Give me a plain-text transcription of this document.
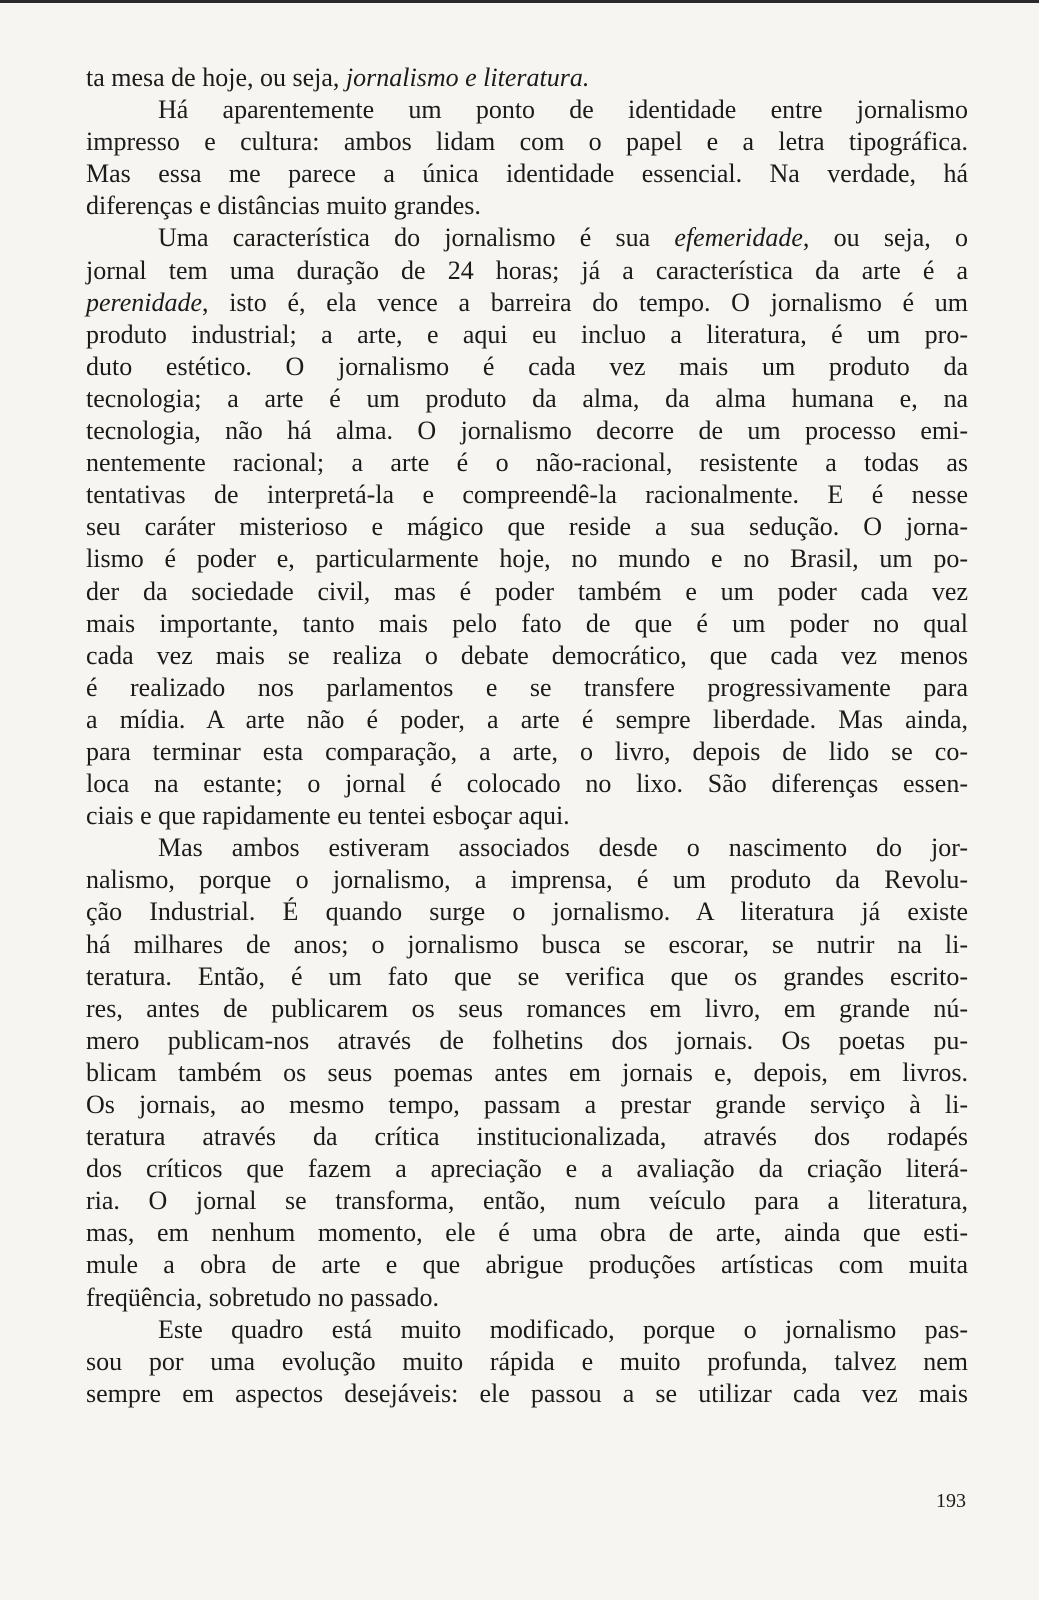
ta mesa de hoje, ou seja, jornalismo e literatura.

Há aparentemente um ponto de identidade entre jornalismo

impresso e cultura: ambos lidam com o papel e a letra tipográfica.

Mas essa me parece a única identidade essencial. Na verdade, há

diferenças e distâncias muito grandes.

Uma característica do jornalismo é sua efemeridade, ou seja, o

jornal tem uma duração de 24 horas; já a característica da arte é a

perenidade, isto é, ela vence a barreira do tempo. O jornalismo é um

produto industrial; a arte, e aqui eu incluo a literatura, é um pro-

duto estético. O jornalismo é cada vez mais um produto da

tecnologia; a arte é um produto da alma, da alma humana e, na

tecnologia, não há alma. O jornalismo decorre de um processo emi-

nentemente racional; a arte é o não-racional, resistente a todas as

tentativas de interpretá-la e compreendê-la racionalmente. E é nesse

seu caráter misterioso e mágico que reside a sua sedução. O jorna-

lismo é poder e, particularmente hoje, no mundo e no Brasil, um po-

der da sociedade civil, mas é poder também e um poder cada vez

mais importante, tanto mais pelo fato de que é um poder no qual

cada vez mais se realiza o debate democrático, que cada vez menos

é realizado nos parlamentos e se transfere progressivamente para

a mídia. A arte não é poder, a arte é sempre liberdade. Mas ainda,

para terminar esta comparação, a arte, o livro, depois de lido se co-

loca na estante; o jornal é colocado no lixo. São diferenças essen-

ciais e que rapidamente eu tentei esboçar aqui.

Mas ambos estiveram associados desde o nascimento do jor-

nalismo, porque o jornalismo, a imprensa, é um produto da Revolu-

ção Industrial. É quando surge o jornalismo. A literatura já existe

há milhares de anos; o jornalismo busca se escorar, se nutrir na li-

teratura. Então, é um fato que se verifica que os grandes escrito-

res, antes de publicarem os seus romances em livro, em grande nú-

mero publicam-nos através de folhetins dos jornais. Os poetas pu-

blicam também os seus poemas antes em jornais e, depois, em livros.

Os jornais, ao mesmo tempo, passam a prestar grande serviço à li-

teratura através da crítica institucionalizada, através dos rodapés

dos críticos que fazem a apreciação e a avaliação da criação literá-

ria. O jornal se transforma, então, num veículo para a literatura,

mas, em nenhum momento, ele é uma obra de arte, ainda que esti-

mule a obra de arte e que abrigue produções artísticas com muita

freqüência, sobretudo no passado.

Este quadro está muito modificado, porque o jornalismo pas-

sou por uma evolução muito rápida e muito profunda, talvez nem

sempre em aspectos desejáveis: ele passou a se utilizar cada vez mais

193
